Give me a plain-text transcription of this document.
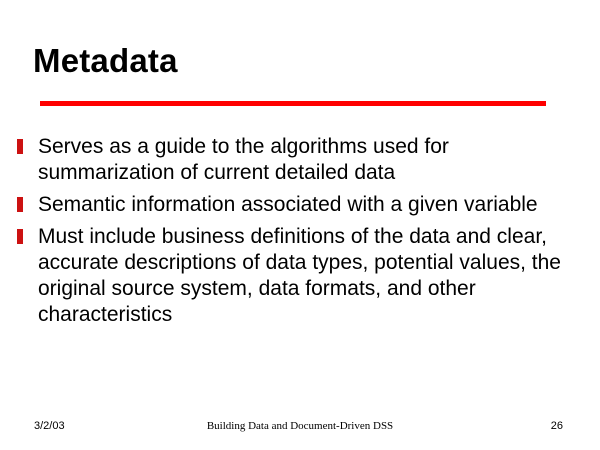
Metadata
Serves as a guide to the algorithms used for summarization of current detailed data
Semantic information associated with a given variable
Must include business definitions of the data and clear, accurate descriptions of data types, potential values, the original source system, data formats, and other characteristics
3/2/03	Building Data and Document-Driven DSS	26
